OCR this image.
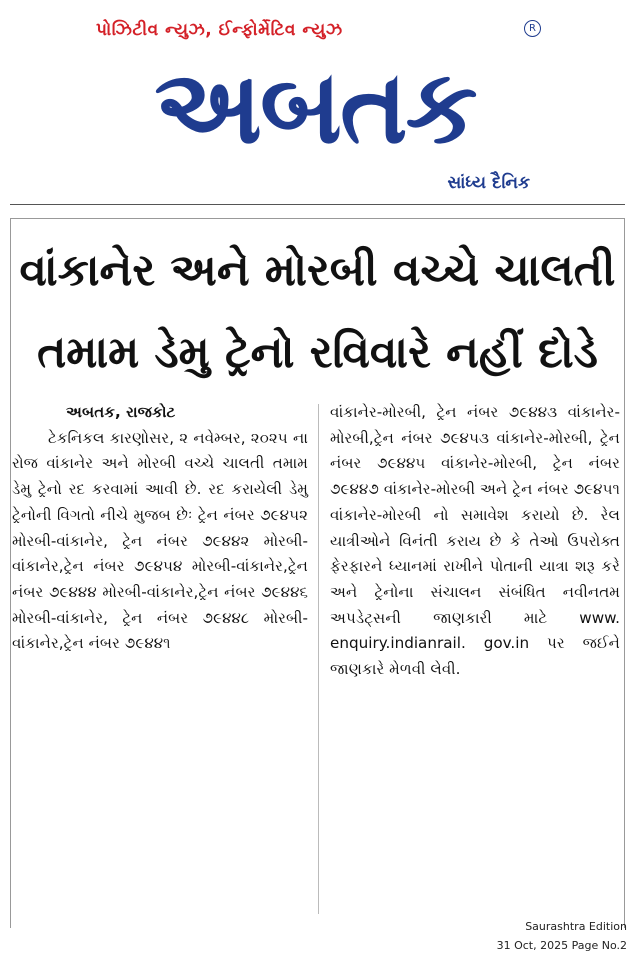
પોઝિટીવ ન્યુઝ, ઈન્ફોર્મેટિવ ન્યુઝ	R
અબતક
સાંધ્ય દૈનિક
વાંકાનેર અને મોરબી વચ્ચે ચાલતી
તમામ ડેમુ ટ્રેનો રવિવારે નહીં દોડે
અબતક, રાજકોટ
ટેકનિકલ કારણોસર, ૨ નવેમ્બર, ૨૦૨૫ ના રોજ વાંકાનેર અને મોરબી વચ્ચે ચાલતી તમામ ડેમુ ટ્રેનો રદ કરવામાં આવી છે. રદ કરાયેલી ડેમુ ટ્રેનોની વિગતો નીચે મુજબ છેઃ ટ્રેન નંબર ૭૯૪૫૨ મોરબી-વાંકાનેર, ટ્રેન નંબર ૭૯૪૪૨ મોરબી-વાંકાનેર,ટ્રેન નંબર ૭૯૪૫૪ મોરબી-વાંકાનેર,ટ્રેન નંબર ૭૯૪૪૪ મોરબી-વાંકાનેર,ટ્રેન નંબર ૭૯૪૪૬ મોરબી-વાંકાનેર, ટ્રેન નંબર ૭૯૪૪૮ મોરબી-વાંકાનેર,ટ્રેન નંબર ૭૯૪૪૧
વાંકાનેર-મોરબી, ટ્રેન નંબર ૭૯૪૪૩ વાંકાનેર-મોરબી,ટ્રેન નંબર ૭૯૪૫૩ વાંકાનેર-મોરબી, ટ્રેન નંબર ૭૯૪૪૫ વાંકાનેર-મોરબી, ટ્રેન નંબર ૭૯૪૪૭ વાંકાનેર-મોરબી અને ટ્રેન નંબર ૭૯૪૫૧ વાંકાનેર-મોરબી નો સમાવેશ કરાયો છે. રેલ યાત્રીઓને વિનંતી કરાય છે કે તેઓ ઉપરોક્ત ફેરફારને ધ્યાનમાં રાખીને પોતાની યાત્રા શરૂ કરે અને ટ્રેનોના સંચાલન સંબંધિત નવીનતમ અપડેટ્સની જાણકારી માટે www. enquiry.indianrail. gov.in પર જઈને જાણકારે મેળવી લેવી.
Saurashtra Edition
31 Oct, 2025 Page No.2
